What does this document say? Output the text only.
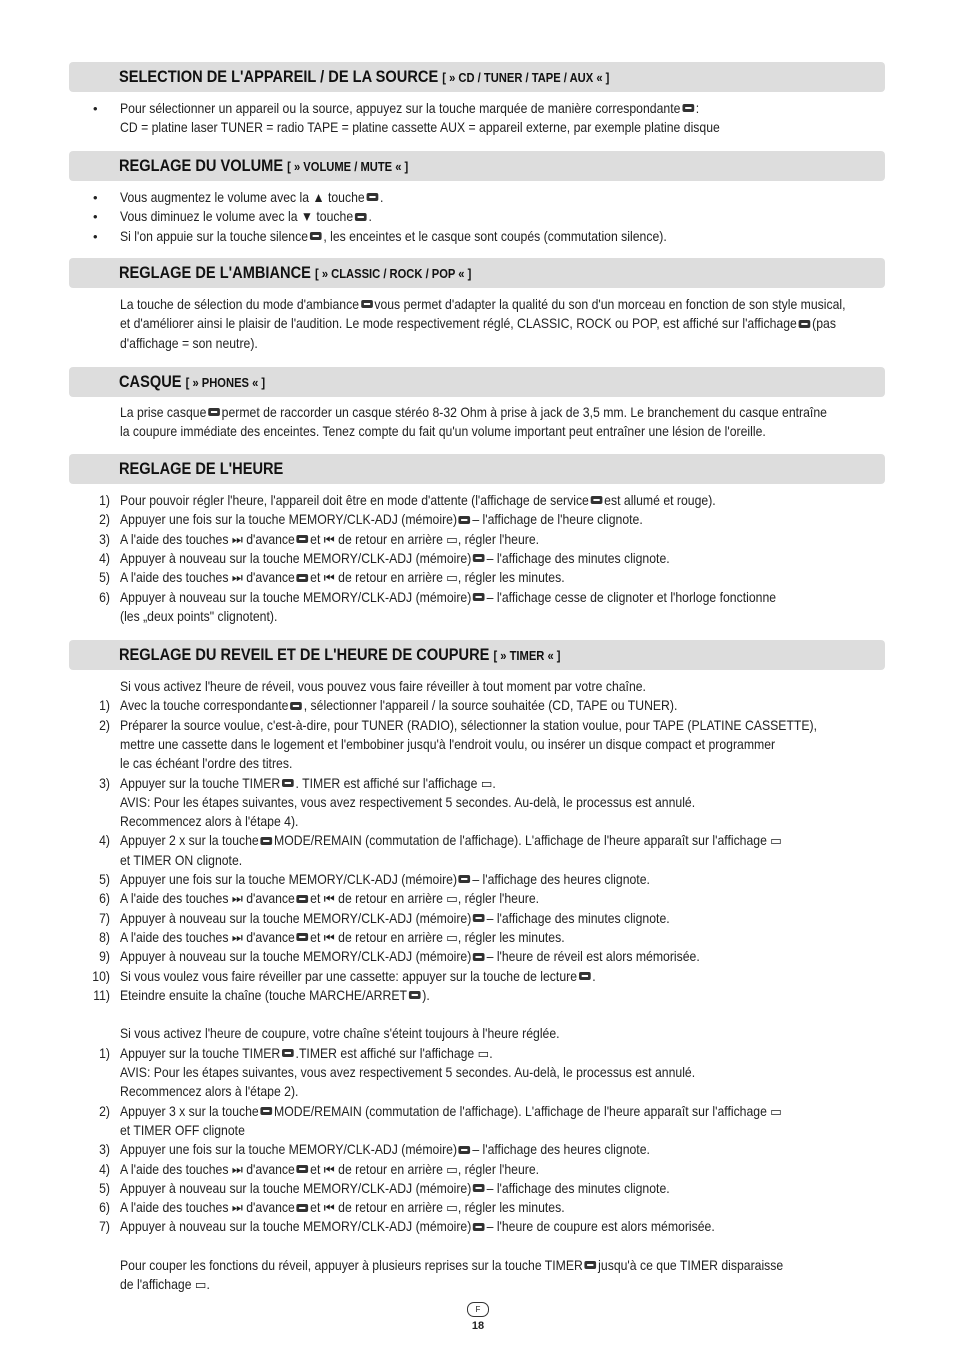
SELECTION DE L'APPAREIL / DE LA SOURCE [ » CD / TUNER / TAPE / AUX « ]
• Pour sélectionner un appareil ou la source, appuyez sur la touche marquée de manière correspondante :
CD = platine laser TUNER = radio TAPE = platine cassette AUX = appareil externe, par exemple platine disque
REGLAGE DU VOLUME [ » VOLUME / MUTE « ]
• Vous augmentez le volume avec la ▲ touche .
• Vous diminuez le volume avec la ▼ touche .
• Si l'on appuie sur la touche silence , les enceintes et le casque sont coupés (commutation silence).
REGLAGE DE L'AMBIANCE [ » CLASSIC / ROCK / POP « ]
La touche de sélection du mode d'ambiance vous permet d'adapter la qualité du son d'un morceau en fonction de son style musical,
et d'améliorer ainsi le plaisir de l'audition. Le mode respectivement réglé, CLASSIC, ROCK ou POP, est affiché sur l'affichage (pas
d'affichage = son neutre).
CASQUE [ » PHONES « ]
La prise casque permet de raccorder un casque stéréo 8-32 Ohm à prise à jack de 3,5 mm. Le branchement du casque entraîne
la coupure immédiate des enceintes. Tenez compte du fait qu'un volume important peut entraîner une lésion de l'oreille.
REGLAGE DE L'HEURE
1) Pour pouvoir régler l'heure, l'appareil doit être en mode d'attente (l'affichage de service est allumé et rouge).
2) Appuyer une fois sur la touche MEMORY/CLK-ADJ (mémoire) – l'affichage de l'heure clignote.
3) A l'aide des touches ⏭ d'avance et ⏮ de retour en arrière ▭, régler l'heure.
4) Appuyer à nouveau sur la touche MEMORY/CLK-ADJ (mémoire) – l'affichage des minutes clignote.
5) A l'aide des touches ⏭ d'avance et ⏮ de retour en arrière ▭, régler les minutes.
6) Appuyer à nouveau sur la touche MEMORY/CLK-ADJ (mémoire) – l'affichage cesse de clignoter et l'horloge fonctionne
(les „deux points" clignotent).
REGLAGE DU REVEIL ET DE L'HEURE DE COUPURE [ » TIMER « ]
Si vous activez l'heure de réveil, vous pouvez vous faire réveiller à tout moment par votre chaîne.
1) Avec la touche correspondante , sélectionner l'appareil / la source souhaitée (CD, TAPE ou TUNER).
2) Préparer la source voulue, c'est-à-dire, pour TUNER (RADIO), sélectionner la station voulue, pour TAPE (PLATINE CASSETTE),
mettre une cassette dans le logement et l'embobiner jusqu'à l'endroit voulu, ou insérer un disque compact et programmer
le cas échéant l'ordre des titres.
3) Appuyer sur la touche TIMER . TIMER est affiché sur l'affichage ▭.
AVIS: Pour les étapes suivantes, vous avez respectivement 5 secondes. Au-delà, le processus est annulé.
Recommencez alors à l'étape 4).
4) Appuyer 2 x sur la touche MODE/REMAIN (commutation de l'affichage). L'affichage de l'heure apparaît sur l'affichage ▭
et TIMER ON clignote.
5) Appuyer une fois sur la touche MEMORY/CLK-ADJ (mémoire) – l'affichage des heures clignote.
6) A l'aide des touches ⏭ d'avance et ⏮ de retour en arrière ▭, régler l'heure.
7) Appuyer à nouveau sur la touche MEMORY/CLK-ADJ (mémoire) – l'affichage des minutes clignote.
8) A l'aide des touches ⏭ d'avance et ⏮ de retour en arrière ▭, régler les minutes.
9) Appuyer à nouveau sur la touche MEMORY/CLK-ADJ (mémoire) – l'heure de réveil est alors mémorisée.
10) Si vous voulez vous faire réveiller par une cassette: appuyer sur la touche de lecture .
11) Eteindre ensuite la chaîne (touche MARCHE/ARRET ).
Si vous activez l'heure de coupure, votre chaîne s'éteint toujours à l'heure réglée.
1) Appuyer sur la touche TIMER .TIMER est affiché sur l'affichage ▭.
AVIS: Pour les étapes suivantes, vous avez respectivement 5 secondes. Au-delà, le processus est annulé.
Recommencez alors à l'étape 2).
2) Appuyer 3 x sur la touche MODE/REMAIN (commutation de l'affichage). L'affichage de l'heure apparaît sur l'affichage ▭
et TIMER OFF clignote
3) Appuyer une fois sur la touche MEMORY/CLK-ADJ (mémoire) – l'affichage des heures clignote.
4) A l'aide des touches ⏭ d'avance et ⏮ de retour en arrière ▭, régler l'heure.
5) Appuyer à nouveau sur la touche MEMORY/CLK-ADJ (mémoire) – l'affichage des minutes clignote.
6) A l'aide des touches ⏭ d'avance et ⏮ de retour en arrière ▭, régler les minutes.
7) Appuyer à nouveau sur la touche MEMORY/CLK-ADJ (mémoire) – l'heure de coupure est alors mémorisée.
Pour couper les fonctions du réveil, appuyer à plusieurs reprises sur la touche TIMER jusqu'à ce que TIMER disparaisse
de l'affichage ▭.
F
18
